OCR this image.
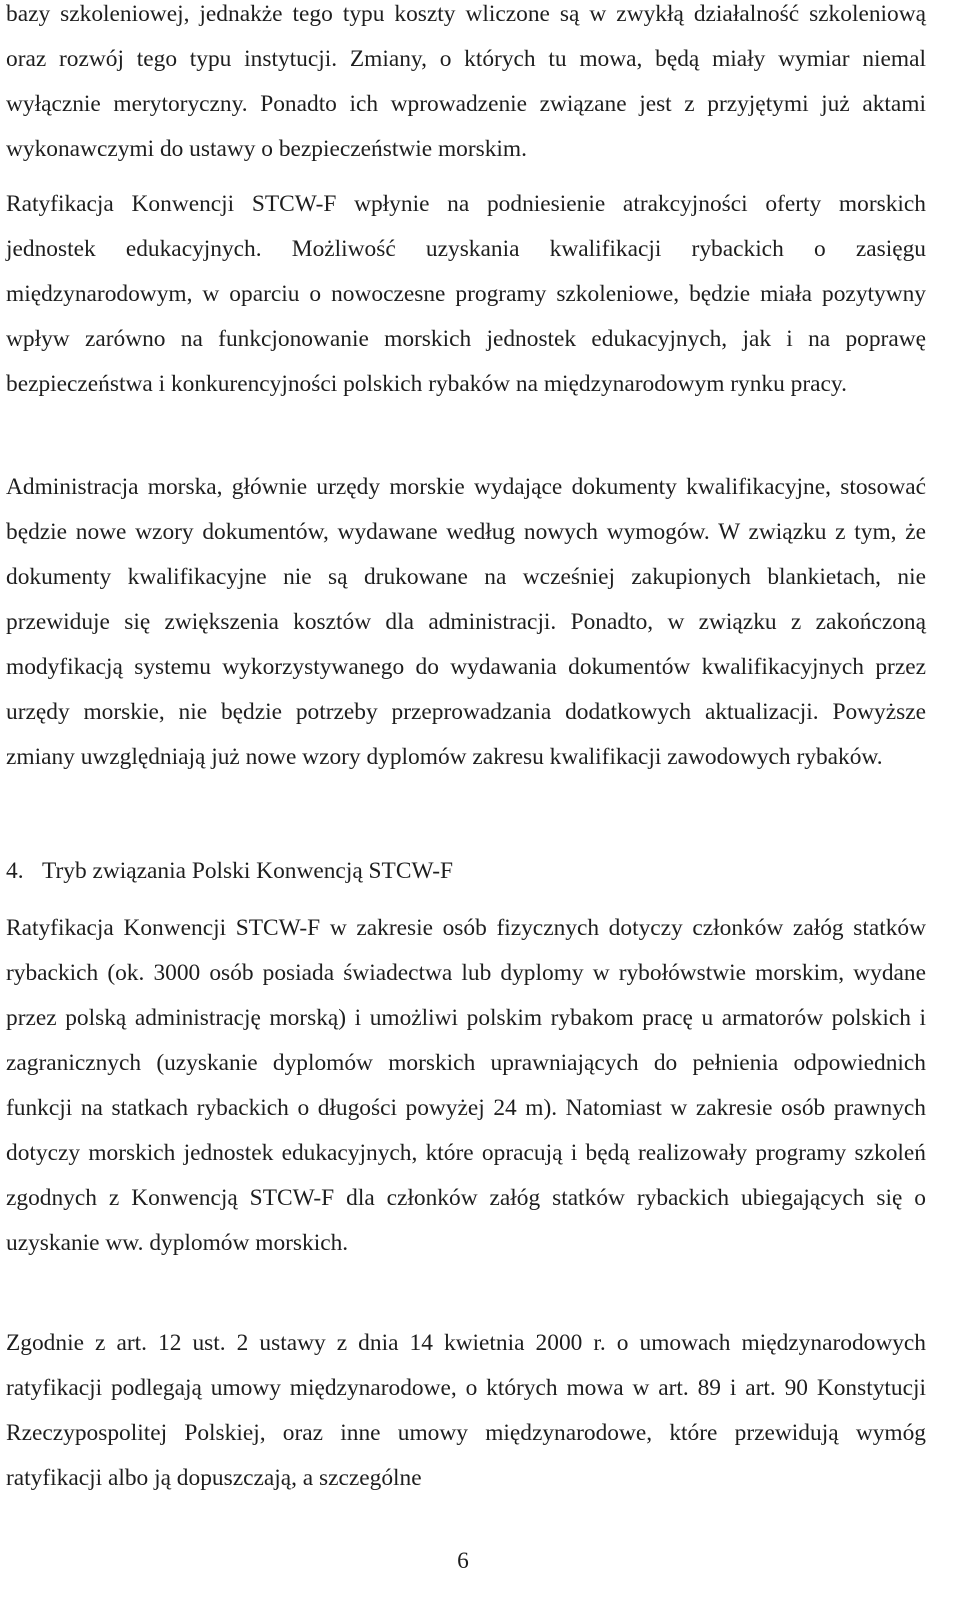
bazy szkoleniowej, jednakże tego typu koszty wliczone są w zwykłą działalność szkoleniową oraz rozwój tego typu instytucji. Zmiany, o których tu mowa, będą miały wymiar niemal wyłącznie merytoryczny. Ponadto ich wprowadzenie związane jest z przyjętymi już aktami wykonawczymi do ustawy o bezpieczeństwie morskim.

Ratyfikacja Konwencji STCW-F wpłynie na podniesienie atrakcyjności oferty morskich jednostek edukacyjnych. Możliwość uzyskania kwalifikacji rybackich o zasięgu międzynarodowym, w oparciu o nowoczesne programy szkoleniowe, będzie miała pozytywny wpływ zarówno na funkcjonowanie morskich jednostek edukacyjnych, jak i na poprawę bezpieczeństwa i konkurencyjności polskich rybaków na międzynarodowym rynku pracy.

Administracja morska, głównie urzędy morskie wydające dokumenty kwalifikacyjne, stosować będzie nowe wzory dokumentów, wydawane według nowych wymogów. W związku z tym, że dokumenty kwalifikacyjne nie są drukowane na wcześniej zakupionych blankietach, nie przewiduje się zwiększenia kosztów dla administracji. Ponadto, w związku z zakończoną modyfikacją systemu wykorzystywanego do wydawania dokumentów kwalifikacyjnych przez urzędy morskie, nie będzie potrzeby przeprowadzania dodatkowych aktualizacji. Powyższe zmiany uwzględniają już nowe wzory dyplomów zakresu kwalifikacji zawodowych rybaków.

4. Tryb związania Polski Konwencją STCW-F

Ratyfikacja Konwencji STCW-F w zakresie osób fizycznych dotyczy członków załóg statków rybackich (ok. 3000 osób posiada świadectwa lub dyplomy w rybołówstwie morskim, wydane przez polską administrację morską) i umożliwi polskim rybakom pracę u armatorów polskich i zagranicznych (uzyskanie dyplomów morskich uprawniających do pełnienia odpowiednich funkcji na statkach rybackich o długości powyżej 24 m). Natomiast w zakresie osób prawnych dotyczy morskich jednostek edukacyjnych, które opracują i będą realizowały programy szkoleń zgodnych z Konwencją STCW-F dla członków załóg statków rybackich ubiegających się o uzyskanie ww. dyplomów morskich.

Zgodnie z art. 12 ust. 2 ustawy z dnia 14 kwietnia 2000 r. o umowach międzynarodowych ratyfikacji podlegają umowy międzynarodowe, o których mowa w art. 89 i art. 90 Konstytucji Rzeczypospolitej Polskiej, oraz inne umowy międzynarodowe, które przewidują wymóg ratyfikacji albo ją dopuszczają, a szczególne

6
